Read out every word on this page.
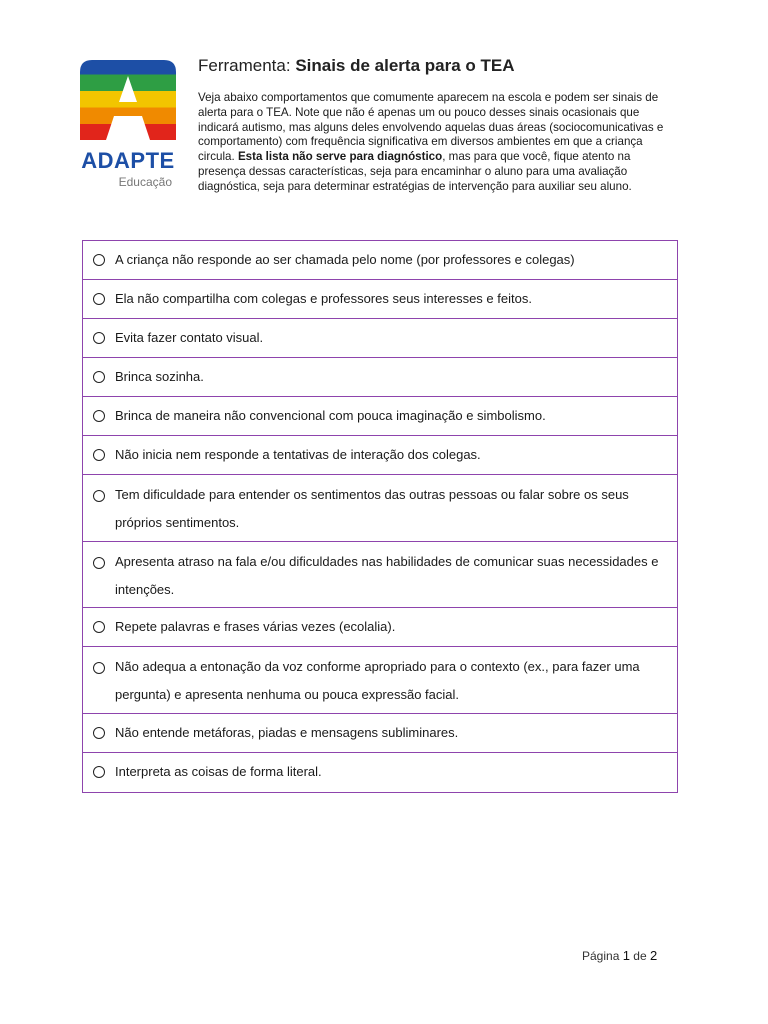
ADAPTE
Educação
Ferramenta: Sinais de alerta para o TEA
Veja abaixo comportamentos que comumente aparecem na escola e podem ser sinais de alerta para o TEA. Note que não é apenas um ou pouco desses sinais ocasionais que indicará autismo, mas alguns deles envolvendo aquelas duas áreas (sociocomunicativas e comportamento) com frequência significativa em diversos ambientes em que a criança circula. Esta lista não serve para diagnóstico, mas para que você, fique atento na presença dessas características, seja para encaminhar o aluno para uma avaliação diagnóstica, seja para determinar estratégias de intervenção para auxiliar seu aluno.
A criança não responde ao ser chamada pelo nome (por professores e colegas)
Ela não compartilha com colegas e professores seus interesses e feitos.
Evita fazer contato visual.
Brinca sozinha.
Brinca de maneira não convencional com pouca imaginação e simbolismo.
Não inicia nem responde a tentativas de interação dos colegas.
Tem dificuldade para entender os sentimentos das outras pessoas ou falar sobre os seus próprios sentimentos.
Apresenta atraso na fala e/ou dificuldades nas habilidades de comunicar suas necessidades e intenções.
Repete palavras e frases várias vezes (ecolalia).
Não adequa a entonação da voz conforme apropriado para o contexto (ex., para fazer uma pergunta) e apresenta nenhuma ou pouca expressão facial.
Não entende metáforas, piadas e mensagens subliminares.
Interpreta as coisas de forma literal.
Página 1 de 2
